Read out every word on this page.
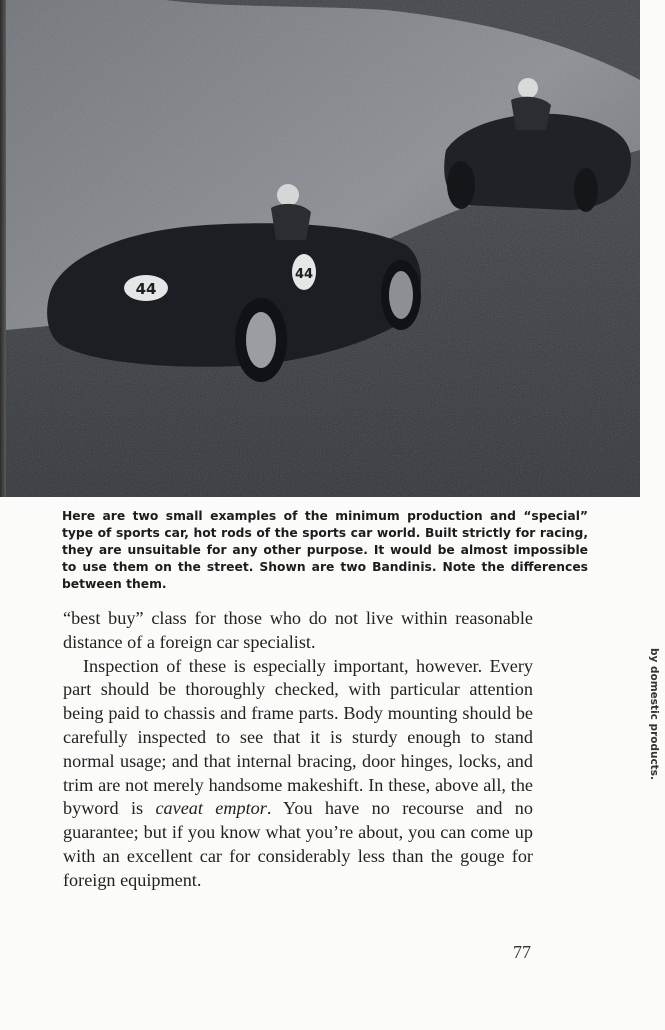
44
44
Here are two small examples of the minimum production and “special” type of sports car, hot rods of the sports car world. Built strictly for racing, they are unsuitable for any other purpose. It would be almost impossible to use them on the street. Shown are two Bandinis. Note the differences between them.

“best buy” class for those who do not live within reasonable distance of a foreign car specialist.

Inspection of these is especially important, however. Every part should be thoroughly checked, with particular attention being paid to chassis and frame parts. Body mounting should be carefully inspected to see that it is sturdy enough to stand normal usage; and that internal bracing, door hinges, locks, and trim are not merely handsome makeshift. In these, above all, the byword is caveat emptor. You have no recourse and no guarantee; but if you know what you’re about, you can come up with an excellent car for considerably less than the gouge for foreign equipment.

77
by domestic products.
